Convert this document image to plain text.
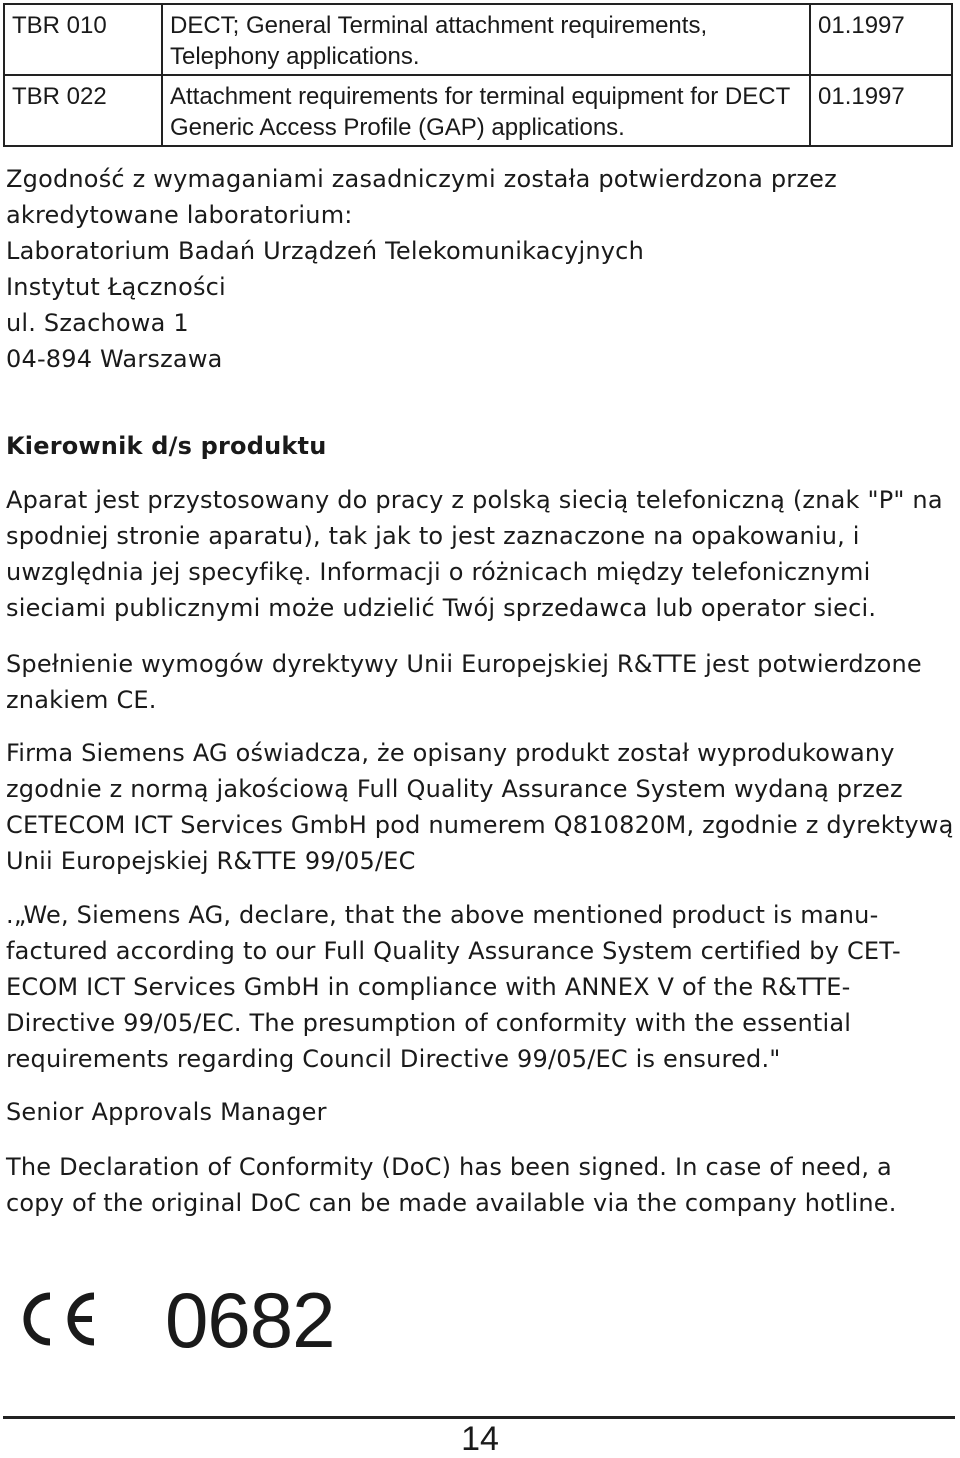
TBR 010	DECT; General Terminal attachment requirements, Telephony applications.	01.1997
TBR 022	Attachment requirements for terminal equipment for DECT Generic Access Profile (GAP) applications.	01.1997

Zgodność z wymaganiami zasadniczymi została potwierdzona przez

akredytowane laboratorium:

Laboratorium Badań Urządzeń Telekomunikacyjnych

Instytut Łączności

ul. Szachowa 1

04-894 Warszawa

Kierownik d/s produktu
Aparat jest przystosowany do pracy z polską siecią telefoniczną (znak "P" na spodniej stronie aparatu), tak jak to jest zaznaczone na opakowaniu, i uwzględnia jej specyfikę. Informacji o różnicach między telefonicznymi sieciami publicznymi może udzielić Twój sprzedawca lub operator sieci.
Spełnienie wymogów dyrektywy Unii Europejskiej R&TTE jest potwierdzone znakiem CE.
Firma Siemens AG oświadcza, że opisany produkt został wyprodukowany zgodnie z normą jakościową Full Quality Assurance System wydaną przez CETECOM ICT Services GmbH pod numerem Q810820M, zgodnie z dyrektywą Unii Europejskiej R&TTE 99/05/EC
.„We, Siemens AG, declare, that the above mentioned product is manu-factured according to our Full Quality Assurance System certified by CET-ECOM ICT Services GmbH in compliance with ANNEX V of the R&TTE-Directive 99/05/EC. The presumption of conformity with the essential requirements regarding Council Directive 99/05/EC is ensured."
Senior Approvals Manager
The Declaration of Conformity (DoC) has been signed. In case of need, a copy of the original DoC can be made available via the company hotline.
0682
14
